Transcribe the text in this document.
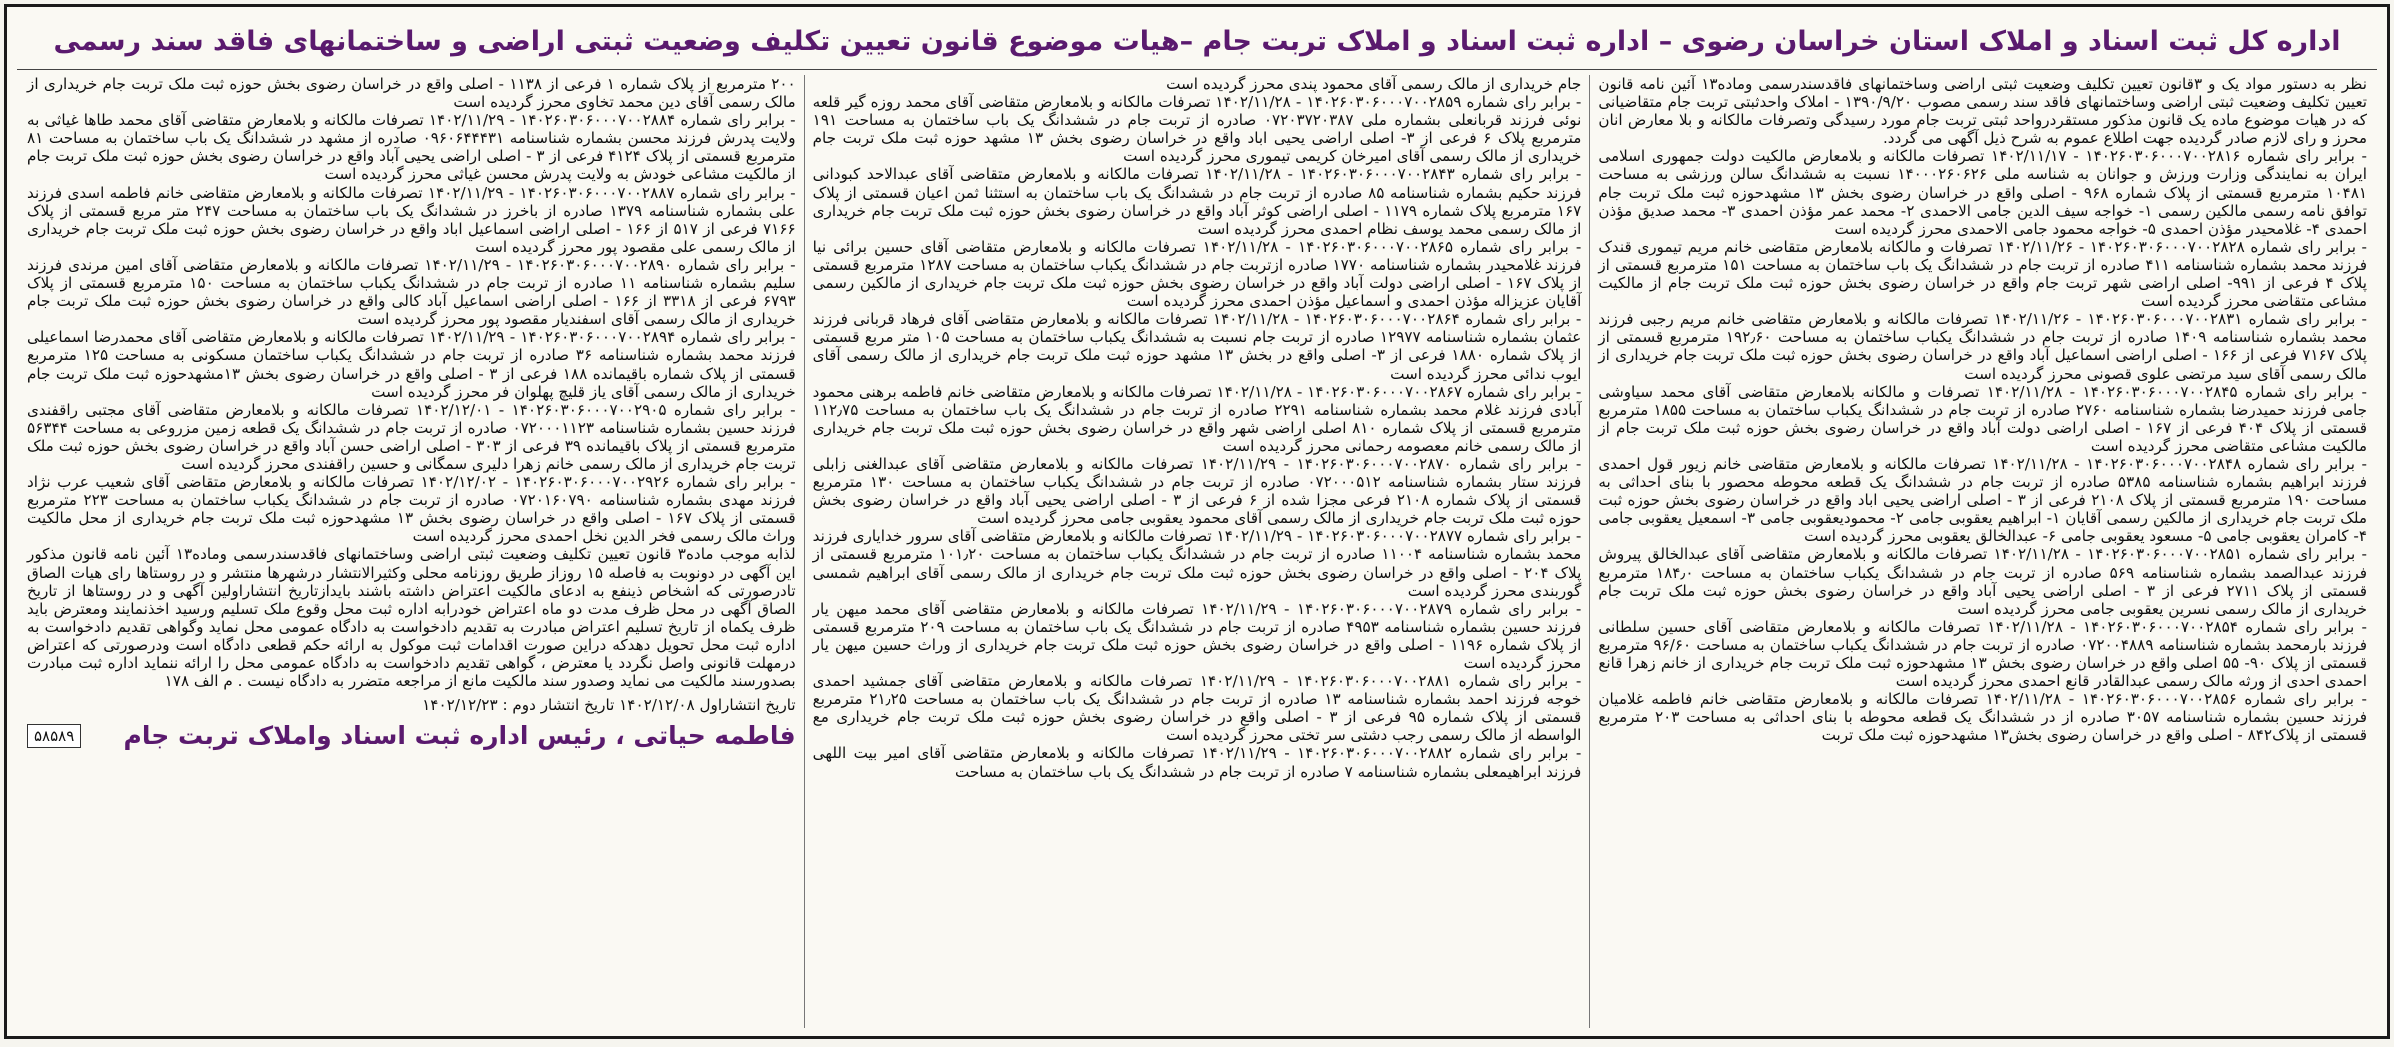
اداره کل ثبت اسناد و املاک استان خراسان رضوی – اداره ثبت اسناد و املاک تربت جام –هیات موضوع قانون تعیین تکلیف وضعیت ثبتی اراضی و ساختمانهای فاقد سند رسمی

نظر به دستور مواد یک و ۳قانون تعیین تکلیف وضعیت ثبتی اراضی وساختمانهای فاقدسندرسمی وماده۱۳ آئین نامه قانون تعیین تکلیف وضعیت ثبتی اراضی وساختمانهای فاقد سند رسمی مصوب ۱۳۹۰/۹/۲۰ - املاک واحدثبتی تربت جام متقاضیانی که در هیات موضوع ماده یک قانون مذکور مستقردرواحد ثبتی تربت جام مورد رسیدگی وتصرفات مالکانه و بلا معارض انان محرز و رای لازم صادر گردیده جهت اطلاع عموم به شرح ذیل آگهی می گردد.

- برابر رای شماره ۱۴۰۲۶۰۳۰۶۰۰۰۷۰۰۲۸۱۶ - ۱۴۰۲/۱۱/۱۷ تصرفات مالکانه و بلامعارض مالکیت دولت جمهوری اسلامی ایران به نمایندگی وزارت ورزش و جوانان به شناسه ملی ۱۴۰۰۰۲۶۰۶۲۶ نسبت به ششدانگ سالن ورزشی به مساحت ۱۰۴۸۱ مترمربع قسمتی از پلاک شماره ۹۶۸ - اصلی واقع در خراسان رضوی بخش ۱۳ مشهدحوزه ثبت ملک تربت جام توافق نامه رسمی مالکین رسمی ۱- خواجه سیف الدین جامی الاحمدی ۲- محمد عمر مؤذن احمدی ۳- محمد صدیق مؤذن احمدی ۴- غلامحیدر مؤذن احمدی ۵- خواجه محمود جامی الاحمدی محرز گردیده است

- برابر رای شماره ۱۴۰۲۶۰۳۰۶۰۰۰۷۰۰۲۸۲۸ - ۱۴۰۲/۱۱/۲۶ تصرفات و مالکانه بلامعارض متقاضی خانم مریم تیموری قندک فرزند محمد بشماره شناسنامه ۴۱۱ صادره از تربت جام در ششدانگ یک باب ساختمان به مساحت ۱۵۱ مترمربع قسمتی از پلاک ۴ فرعی از ۹۹۱- اصلی اراضی شهر تربت جام واقع در خراسان رضوی بخش حوزه ثبت ملک تربت جام از مالکیت مشاعی متقاضی محرز گردیده است

- برابر رای شماره ۱۴۰۲۶۰۳۰۶۰۰۰۷۰۰۲۸۳۱ - ۱۴۰۲/۱۱/۲۶ تصرفات مالکانه و بلامعارض متقاضی خانم مریم رجبی فرزند محمد بشماره شناسنامه ۱۴۰۹ صادره از تربت جام در ششدانگ یکباب ساختمان به مساحت ۱۹۲٫۶۰ مترمربع قسمتی از پلاک ۷۱۶۷ فرعی از ۱۶۶ - اصلی اراضی اسماعیل آباد واقع در خراسان رضوی بخش حوزه ثبت ملک تربت جام خریداری از مالک رسمی آقای سید مرتضی علوی قصونی محرز گردیده است

- برابر رای شماره ۱۴۰۲۶۰۳۰۶۰۰۰۷۰۰۲۸۴۵ - ۱۴۰۲/۱۱/۲۸ تصرفات و مالکانه بلامعارض متقاضی آقای محمد سیاوشی جامی فرزند حمیدرضا بشماره شناسنامه ۲۷۶۰ صادره از تربت جام در ششدانگ یکباب ساختمان به مساحت ۱۸۵۵ مترمربع قسمتی از پلاک ۴۰۴ فرعی از ۱۶۷ - اصلی اراضی دولت آباد واقع در خراسان رضوی بخش حوزه ثبت ملک تربت جام از مالکیت مشاعی متقاضی محرز گردیده است

- برابر رای شماره ۱۴۰۲۶۰۳۰۶۰۰۰۷۰۰۲۸۴۸ - ۱۴۰۲/۱۱/۲۸ تصرفات مالکانه و بلامعارض متقاضی خانم زیور قول احمدی فرزند ابراهیم بشماره شناسنامه ۵۳۸۵ صادره از تربت جام در ششدانگ یک قطعه محوطه محصور با بنای احداثی به مساحت ۱۹۰ مترمربع قسمتی از پلاک ۲۱۰۸ فرعی از ۳ - اصلی اراضی یحیی اباد واقع در خراسان رضوی بخش حوزه ثبت ملک تربت جام خریداری از مالکین رسمی آقایان ۱- ابراهیم یعقوبی جامی ۲- محمودیعقوبی جامی ۳- اسمعیل یعقوبی جامی ۴- کامران یعقوبی جامی ۵- مسعود یعقوبی جامی ۶- عبدالخالق یعقوبی محرز گردیده است

- برابر رای شماره ۱۴۰۲۶۰۳۰۶۰۰۰۷۰۰۲۸۵۱ - ۱۴۰۲/۱۱/۲۸ تصرفات مالکانه و بلامعارض متقاضی آقای عبدالخالق پیروش فرزند عبدالصمد بشماره شناسنامه ۵۶۹ صادره از تربت جام در ششدانگ یکباب ساختمان به مساحت ۱۸۴٫۰ مترمربع قسمتی از پلاک ۲۷۱۱ فرعی از ۳ - اصلی اراضی یحیی آباد واقع در خراسان رضوی بخش حوزه ثبت ملک تربت جام خریداری از مالک رسمی نسرین یعقوبی جامی محرز گردیده است

- برابر رای شماره ۱۴۰۲۶۰۳۰۶۰۰۰۷۰۰۲۸۵۴ - ۱۴۰۲/۱۱/۲۸ تصرفات مالکانه و بلامعارض متقاضی آقای حسین سلطانی فرزند بارمحمد بشماره شناسنامه ۰۷۲۰۰۴۸۸۹ صادره از تربت جام در ششدانگ یکباب ساختمان به مساحت ۹۶/۶۰ مترمربع قسمتی از پلاک ۹۰- ۵۵ اصلی واقع در خراسان رضوی بخش ۱۳ مشهدحوزه ثبت ملک تربت جام خریداری از خانم زهرا قانع احمدی احدی از ورثه مالک رسمی عبدالقادر قانع احمدی محرز گردیده است

- برابر رای شماره ۱۴۰۲۶۰۳۰۶۰۰۰۷۰۰۲۸۵۶ - ۱۴۰۲/۱۱/۲۸ تصرفات مالکانه و بلامعارض متقاضی خانم فاطمه غلامیان فرزند حسین بشماره شناسنامه ۳۰۵۷ صادره از در ششدانگ یک قطعه محوطه با بنای احداثی به مساحت ۲۰۳ مترمربع قسمتی از پلاک۸۴۲ - اصلی واقع در خراسان رضوی بخش۱۳ مشهدحوزه ثبت ملک تربت

جام خریداری از مالک رسمی آقای محمود پندی محرز گردیده است

- برابر رای شماره ۱۴۰۲۶۰۳۰۶۰۰۰۷۰۰۲۸۵۹ - ۱۴۰۲/۱۱/۲۸ تصرفات مالکانه و بلامعارض متقاضی آقای محمد روزه گیر قلعه نوئی فرزند قربانعلی بشماره ملی ۰۷۲۰۳۷۲۰۳۸۷ صادره از تربت جام در ششدانگ یک باب ساختمان به مساحت ۱۹۱ مترمربع پلاک ۶ فرعی از ۳- اصلی اراضی یحیی اباد واقع در خراسان رضوی بخش ۱۳ مشهد حوزه ثبت ملک تربت جام خریداری از مالک رسمی آقای امیرخان کریمی تیموری محرز گردیده است

- برابر رای شماره ۱۴۰۲۶۰۳۰۶۰۰۰۷۰۰۲۸۴۳ - ۱۴۰۲/۱۱/۲۸ تصرفات مالکانه و بلامعارض متقاضی آقای عبدالاحد کبودانی فرزند حکیم بشماره شناسنامه ۸۵ صادره از تربت جام در ششدانگ یک باب ساختمان به استثنا ثمن اعیان قسمتی از پلاک ۱۶۷ مترمربع پلاک شماره ۱۱۷۹ - اصلی اراضی کوثر آباد واقع در خراسان رضوی بخش حوزه ثبت ملک تربت جام خریداری از مالک رسمی محمد یوسف نظام احمدی محرز گردیده است

- برابر رای شماره ۱۴۰۲۶۰۳۰۶۰۰۰۷۰۰۲۸۶۵ - ۱۴۰۲/۱۱/۲۸ تصرفات مالکانه و بلامعارض متقاضی آقای حسین برائی نیا فرزند غلامحیدر بشماره شناسنامه ۱۷۷۰ صادره ازتربت جام در ششدانگ یکباب ساختمان به مساحت ۱۲۸۷ مترمربع قسمتی از پلاک ۱۶۷ - اصلی اراضی دولت آباد واقع در خراسان رضوی بخش حوزه ثبت ملک تربت جام خریداری از مالکین رسمی آقایان عزیزاله مؤذن احمدی و اسماعیل مؤذن احمدی محرز گردیده است

- برابر رای شماره ۱۴۰۲۶۰۳۰۶۰۰۰۷۰۰۲۸۶۴ - ۱۴۰۲/۱۱/۲۸ تصرفات مالکانه و بلامعارض متقاضی آقای فرهاد قربانی فرزند عثمان بشماره شناسنامه ۱۲۹۷۷ صادره از تربت جام نسبت به ششدانگ یکباب ساختمان به مساحت ۱۰۵ متر مربع قسمتی از پلاک شماره ۱۸۸۰ فرعی از ۳- اصلی واقع در بخش ۱۳ مشهد حوزه ثبت ملک تربت جام خریداری از مالک رسمی آقای ایوب ندائی محرز گردیده است

- برابر رای شماره ۱۴۰۲۶۰۳۰۶۰۰۰۷۰۰۲۸۶۷ - ۱۴۰۲/۱۱/۲۸ تصرفات مالکانه و بلامعارض متقاضی خانم فاطمه برهنی محمود آبادی فرزند غلام محمد بشماره شناسنامه ۲۲۹۱ صادره از تربت جام در ششدانگ یک باب ساختمان به مساحت ۱۱۲٫۷۵ مترمربع قسمتی از پلاک شماره ۸۱۰ اصلی اراضی شهر واقع در خراسان رضوی بخش حوزه ثبت ملک تربت جام خریداری از مالک رسمی خانم معصومه رحمانی محرز گردیده است

- برابر رای شماره ۱۴۰۲۶۰۳۰۶۰۰۰۷۰۰۲۸۷۰ - ۱۴۰۲/۱۱/۲۹ تصرفات مالکانه و بلامعارض متقاضی آقای عبدالغنی زابلی فرزند ستار بشماره شناسنامه ۰۷۲۰۰۰۵۱۲ صادره از تربت جام در ششدانگ یکباب ساختمان به مساحت ۱۳۰ مترمربع قسمتی از پلاک شماره ۲۱۰۸ فرعی مجزا شده از ۶ فرعی از ۳ - اصلی اراضی یحیی آباد واقع در خراسان رضوی بخش حوزه ثبت ملک تربت جام خریداری از مالک رسمی آقای محمود یعقوبی جامی محرز گردیده است

- برابر رای شماره ۱۴۰۲۶۰۳۰۶۰۰۰۷۰۰۲۸۷۷ - ۱۴۰۲/۱۱/۲۹ تصرفات مالکانه و بلامعارض متقاضی آقای سرور خدایاری فرزند محمد بشماره شناسنامه ۱۱۰۰۴ صادره از تربت جام در ششدانگ یکباب ساختمان به مساحت ۱۰۱٫۲۰ مترمربع قسمتی از پلاک ۲۰۴ - اصلی واقع در خراسان رضوی بخش حوزه ثبت ملک تربت جام خریداری از مالک رسمی آقای ابراهیم شمسی گوربندی محرز گردیده است

- برابر رای شماره ۱۴۰۲۶۰۳۰۶۰۰۰۷۰۰۲۸۷۹ - ۱۴۰۲/۱۱/۲۹ تصرفات مالکانه و بلامعارض متقاضی آقای محمد میهن یار فرزند حسین بشماره شناسنامه ۴۹۵۳ صادره از تربت جام در ششدانگ یک باب ساختمان به مساحت ۲۰۹ مترمربع قسمتی از پلاک شماره ۱۱۹۶ - اصلی واقع در خراسان رضوی بخش حوزه ثبت ملک تربت جام خریداری از وراث حسین میهن یار محرز گردیده است

- برابر رای شماره ۱۴۰۲۶۰۳۰۶۰۰۰۷۰۰۲۸۸۱ - ۱۴۰۲/۱۱/۲۹ تصرفات مالکانه و بلامعارض متقاضی آقای جمشید احمدی خوجه فرزند احمد بشماره شناسنامه ۱۳ صادره از تربت جام در ششدانگ یک باب ساختمان به مساحت ۲۱٫۲۵ مترمربع قسمتی از پلاک شماره ۹۵ فرعی از ۳ - اصلی واقع در خراسان رضوی بخش حوزه ثبت ملک تربت جام خریداری مع الواسطه از مالک رسمی رجب دشتی سر تختی محرز گردیده است

- برابر رای شماره ۱۴۰۲۶۰۳۰۶۰۰۰۷۰۰۲۸۸۲ - ۱۴۰۲/۱۱/۲۹ تصرفات مالکانه و بلامعارض متقاضی آقای امیر بیت اللهی فرزند ابراهیمعلی بشماره شناسنامه ۷ صادره از تربت جام در ششدانگ یک باب ساختمان به مساحت

۲۰۰ مترمربع از پلاک شماره ۱ فرعی از ۱۱۳۸ - اصلی واقع در خراسان رضوی بخش حوزه ثبت ملک تربت جام خریداری از مالک رسمی آقای دین محمد تخاوی محرز گردیده است

- برابر رای شماره ۱۴۰۲۶۰۳۰۶۰۰۰۷۰۰۲۸۸۴ - ۱۴۰۲/۱۱/۲۹ تصرفات مالکانه و بلامعارض متقاضی آقای محمد طاها غیاثی به ولایت پدرش فرزند محسن بشماره شناسنامه ۰۹۶۰۶۴۴۴۳۱ صادره از مشهد در ششدانگ یک باب ساختمان به مساحت ۸۱ مترمربع قسمتی از پلاک ۴۱۲۴ فرعی از ۳ - اصلی اراضی یحیی آباد واقع در خراسان رضوی بخش حوزه ثبت ملک تربت جام از مالکیت مشاعی خودش به ولایت پدرش محسن غیاثی محرز گردیده است

- برابر رای شماره ۱۴۰۲۶۰۳۰۶۰۰۰۷۰۰۲۸۸۷ - ۱۴۰۲/۱۱/۲۹ تصرفات مالکانه و بلامعارض متقاضی خانم فاطمه اسدی فرزند علی بشماره شناسنامه ۱۳۷۹ صادره از باخرز در ششدانگ یک باب ساختمان به مساحت ۲۴۷ متر مربع قسمتی از پلاک ۷۱۶۶ فرعی از ۵۱۷ از ۱۶۶ - اصلی اراضی اسماعیل اباد واقع در خراسان رضوی بخش حوزه ثبت ملک تربت جام خریداری از مالک رسمی علی مقصود پور محرز گردیده است

- برابر رای شماره ۱۴۰۲۶۰۳۰۶۰۰۰۷۰۰۲۸۹۰ - ۱۴۰۲/۱۱/۲۹ تصرفات مالکانه و بلامعارض متقاضی آقای امین مرندی فرزند سلیم بشماره شناسنامه ۱۱ صادره از تربت جام در ششدانگ یکباب ساختمان به مساحت ۱۵۰ مترمربع قسمتی از پلاک ۶۷۹۳ فرعی از ۳۳۱۸ از ۱۶۶ - اصلی اراضی اسماعیل آباد کالی واقع در خراسان رضوی بخش حوزه ثبت ملک تربت جام خریداری از مالک رسمی آقای اسفندیار مقصود پور محرز گردیده است

- برابر رای شماره ۱۴۰۲۶۰۳۰۶۰۰۰۷۰۰۲۸۹۴ - ۱۴۰۲/۱۱/۲۹ تصرفات مالکانه و بلامعارض متقاضی آقای محمدرضا اسماعیلی فرزند محمد بشماره شناسنامه ۳۶ صادره از تربت جام در ششدانگ یکباب ساختمان مسکونی به مساحت ۱۲۵ مترمربع قسمتی از پلاک شماره باقیمانده ۱۸۸ فرعی از ۳ - اصلی واقع در خراسان رضوی بخش ۱۳مشهدحوزه ثبت ملک تربت جام خریداری از مالک رسمی آقای یاز قلیچ پهلوان فر محرز گردیده است

- برابر رای شماره ۱۴۰۲۶۰۳۰۶۰۰۰۷۰۰۲۹۰۵ - ۱۴۰۲/۱۲/۰۱ تصرفات مالکانه و بلامعارض متقاضی آقای مجتبی راقفندی فرزند حسین بشماره شناسنامه ۰۷۲۰۰۰۱۱۲۳ صادره از تربت جام در ششدانگ یک قطعه زمین مزروعی به مساحت ۵۶۳۴۴ مترمربع قسمتی از پلاک باقیمانده ۳۹ فرعی از ۳۰۳ - اصلی اراضی حسن آباد واقع در خراسان رضوی بخش حوزه ثبت ملک تربت جام خریداری از مالک رسمی خانم زهرا دلیری سمگانی و حسین راقفندی محرز گردیده است

- برابر رای شماره ۱۴۰۲۶۰۳۰۶۰۰۰۷۰۰۲۹۲۶ - ۱۴۰۲/۱۲/۰۲ تصرفات مالکانه و بلامعارض متقاضی آقای شعیب عرب نژاد فرزند مهدی بشماره شناسنامه ۰۷۲۰۱۶۰۷۹۰ صادره از تربت جام در ششدانگ یکباب ساختمان به مساحت ۲۲۳ مترمربع قسمتی از پلاک ۱۶۷ - اصلی واقع در خراسان رضوی بخش ۱۳ مشهدحوزه ثبت ملک تربت جام خریداری از محل مالکیت وراث مالک رسمی فخر الدین نخل احمدی محرز گردیده است

لذابه موجب ماده۳ قانون تعیین تکلیف وضعیت ثبتی اراضی وساختمانهای فاقدسندرسمی وماده۱۳ آئین نامه قانون مذکور این آگهی در دونوبت به فاصله ۱۵ روزاز طریق روزنامه محلی وکثیرالانتشار درشهرها منتشر و در روستاها رای هیات الصاق تادرصورتی که اشخاص ذینفع به ادعای مالکیت اعتراض داشته باشند بایدازتاریخ انتشاراولین آگهی و در روستاها از تاریخ الصاق آگهی در محل ظرف مدت دو ماه اعتراض خودرابه اداره ثبت محل وقوع ملک تسلیم ورسید اخذنمایند ومعترض باید ظرف یکماه از تاریخ تسلیم اعتراض مبادرت به تقدیم دادخواست به دادگاه عمومی محل نماید وگواهی تقدیم دادخواست به اداره ثبت محل تحویل دهدکه دراین صورت اقدامات ثبت موکول به ارائه حکم قطعی دادگاه است ودرصورتی که اعتراض درمهلت قانونی واصل نگردد یا معترض ، گواهی تقدیم دادخواست به دادگاه عمومی محل را ارائه ننماید اداره ثبت مبادرت بصدورسند مالکیت می نماید وصدور سند مالکیت مانع از مراجعه متضرر به دادگاه نیست . م الف ۱۷۸

تاریخ انتشاراول ۱۴۰۲/۱۲/۰۸ تاریخ انتشار دوم : ۱۴۰۲/۱۲/۲۳
فاطمه حیاتی ، رئیس اداره ثبت اسناد واملاک تربت جام
۵۸۵۸۹
